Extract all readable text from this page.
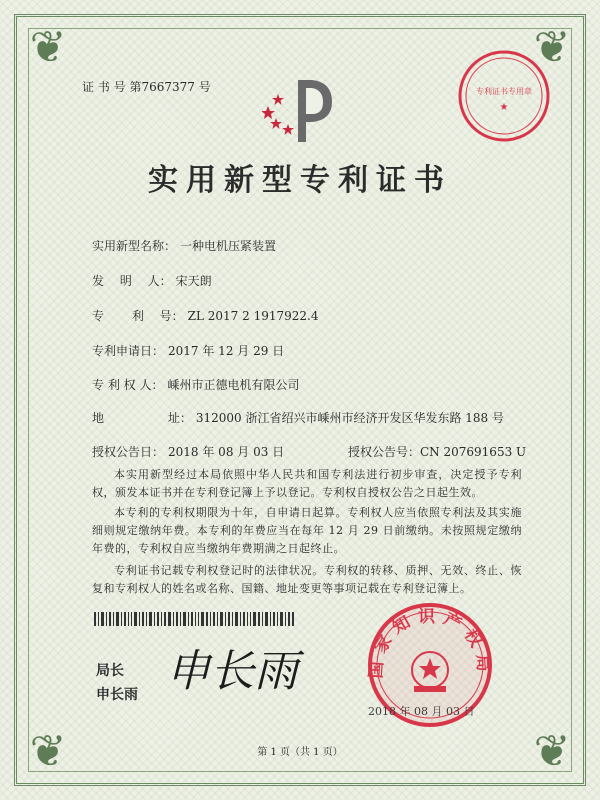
❦	❦
❦	❦
证 书 号 第7667377 号	专利证书专用章
★
实用新型专利证书
实用新型名称： 一种电机压紧装置
发　 明　 人： 宋天朗
专　　 利　 号： ZL 2017 2 1917922.4
专利申请日： 2017 年 12 月 29 日
专 利 权 人： 嵊州市正德电机有限公司
地　　　　　 址： 312000 浙江省绍兴市嵊州市经济开发区华发东路 188 号
授权公告日： 2018 年 08 月 03 日	授权公告号：CN 207691653 U

本实用新型经过本局依照中华人民共和国专利法进行初步审查，决定授予专利权，颁发本证书并在专利登记簿上予以登记。专利权自授权公告之日起生效。

本专利的专利权期限为十年，自申请日起算。专利权人应当依照专利法及其实施细则规定缴纳年费。本专利的年费应当在每年 12 月 29 日前缴纳。未按照规定缴纳年费的，专利权自应当缴纳年费期满之日起终止。

专利证书记载专利权登记时的法律状况。专利权的转移、质押、无效、终止、恢复和专利权人的姓名或名称、国籍、地址变更等事项记载在专利登记簿上。

局长
申长雨 申长雨	国家知识产权局
2018 年 08 月 03 日
第 1 页（共 1 页）
